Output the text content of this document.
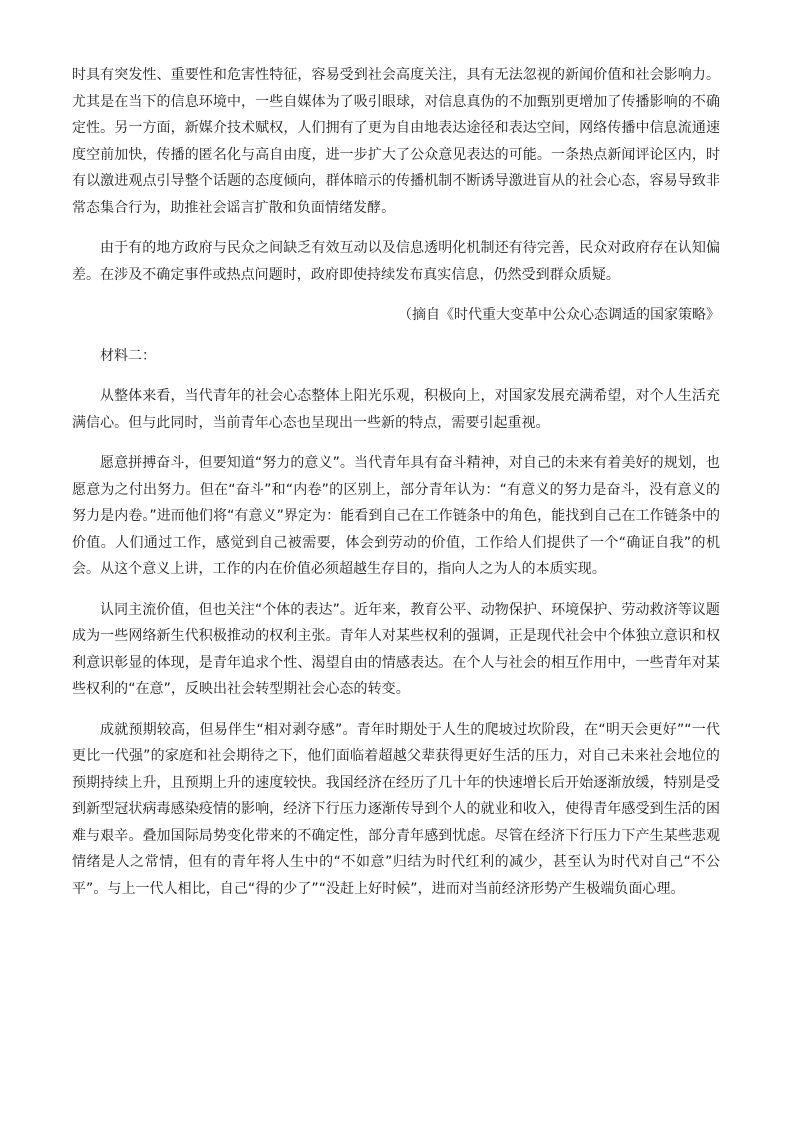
时具有突发性、重要性和危害性特征，容易受到社会高度关注，具有无法忽视的新闻价值和社会影响力。尤其是在当下的信息环境中，一些自媒体为了吸引眼球，对信息真伪的不加甄别更增加了传播影响的不确定性。另一方面，新媒介技术赋权，人们拥有了更为自由地表达途径和表达空间，网络传播中信息流通速度空前加快，传播的匿名化与高自由度，进一步扩大了公众意见表达的可能。一条热点新闻评论区内，时有以激进观点引导整个话题的态度倾向，群体暗示的传播机制不断诱导激进盲从的社会心态，容易导致非常态集合行为，助推社会谣言扩散和负面情绪发酵。

由于有的地方政府与民众之间缺乏有效互动以及信息透明化机制还有待完善，民众对政府存在认知偏差。在涉及不确定事件或热点问题时，政府即使持续发布真实信息，仍然受到群众质疑。

（摘自《时代重大变革中公众心态调适的国家策略》

材料二：

从整体来看，当代青年的社会心态整体上阳光乐观，积极向上，对国家发展充满希望，对个人生活充满信心。但与此同时，当前青年心态也呈现出一些新的特点，需要引起重视。

愿意拼搏奋斗，但要知道“努力的意义”。当代青年具有奋斗精神，对自己的未来有着美好的规划，也愿意为之付出努力。但在“奋斗”和“内卷”的区别上，部分青年认为：“有意义的努力是奋斗，没有意义的努力是内卷。”进而他们将“有意义”界定为：能看到自己在工作链条中的角色，能找到自己在工作链条中的价值。人们通过工作，感觉到自己被需要，体会到劳动的价值，工作给人们提供了一个“确证自我”的机会。从这个意义上讲，工作的内在价值必须超越生存目的，指向人之为人的本质实现。

认同主流价值，但也关注“个体的表达”。近年来，教育公平、动物保护、环境保护、劳动救济等议题成为一些网络新生代积极推动的权利主张。青年人对某些权利的强调，正是现代社会中个体独立意识和权利意识彰显的体现，是青年追求个性、渴望自由的情感表达。在个人与社会的相互作用中，一些青年对某些权利的“在意”，反映出社会转型期社会心态的转变。

成就预期较高，但易伴生“相对剥夺感”。青年时期处于人生的爬坡过坎阶段，在“明天会更好”“一代更比一代强”的家庭和社会期待之下，他们面临着超越父辈获得更好生活的压力，对自己未来社会地位的预期持续上升，且预期上升的速度较快。我国经济在经历了几十年的快速增长后开始逐渐放缓，特别是受到新型冠状病毒感染疫情的影响，经济下行压力逐渐传导到个人的就业和收入，使得青年感受到生活的困难与艰辛。叠加国际局势变化带来的不确定性，部分青年感到忧虑。尽管在经济下行压力下产生某些悲观情绪是人之常情，但有的青年将人生中的“不如意”归结为时代红利的减少，甚至认为时代对自己“不公平”。与上一代人相比，自己“得的少了”“没赶上好时候”，进而对当前经济形势产生极端负面心理。
